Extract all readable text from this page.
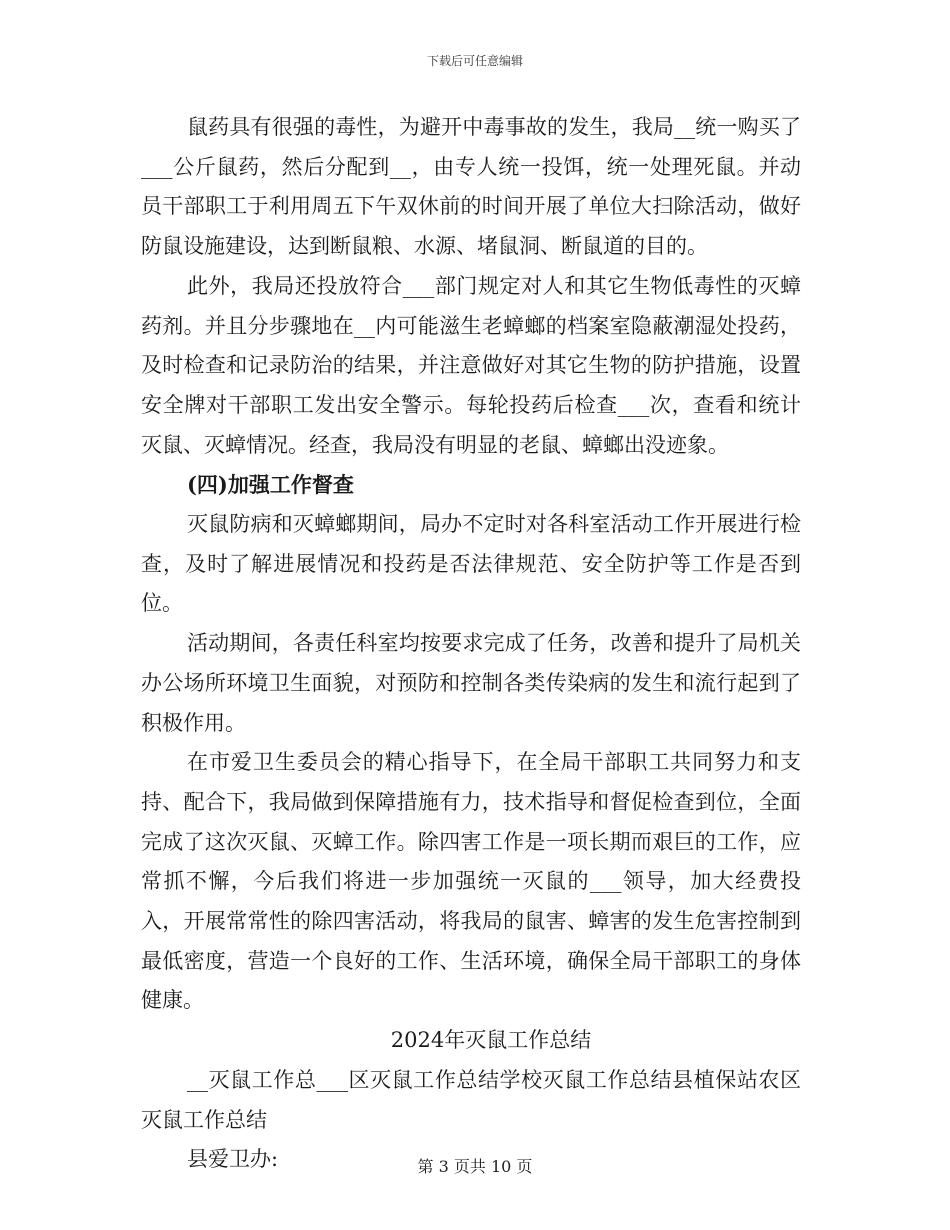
下载后可任意编辑

鼠药具有很强的毒性，为避开中毒事故的发生，我局__统一购买了___公斤鼠药，然后分配到__，由专人统一投饵，统一处理死鼠。并动员干部职工于利用周五下午双休前的时间开展了单位大扫除活动，做好防鼠设施建设，达到断鼠粮、水源、堵鼠洞、断鼠道的目的。

此外，我局还投放符合___部门规定对人和其它生物低毒性的灭蟑药剂。并且分步骤地在__内可能滋生老蟑螂的档案室隐蔽潮湿处投药，及时检查和记录防治的结果，并注意做好对其它生物的防护措施，设置安全牌对干部职工发出安全警示。每轮投药后检查___次，查看和统计灭鼠、灭蟑情况。经查，我局没有明显的老鼠、蟑螂出没迹象。

(四)加强工作督查

灭鼠防病和灭蟑螂期间，局办不定时对各科室活动工作开展进行检查，及时了解进展情况和投药是否法律规范、安全防护等工作是否到位。

活动期间，各责任科室均按要求完成了任务，改善和提升了局机关办公场所环境卫生面貌，对预防和控制各类传染病的发生和流行起到了积极作用。

在市爱卫生委员会的精心指导下，在全局干部职工共同努力和支持、配合下，我局做到保障措施有力，技术指导和督促检查到位，全面完成了这次灭鼠、灭蟑工作。除四害工作是一项长期而艰巨的工作，应常抓不懈，今后我们将进一步加强统一灭鼠的___领导，加大经费投入，开展常常性的除四害活动，将我局的鼠害、蟑害的发生危害控制到最低密度，营造一个良好的工作、生活环境，确保全局干部职工的身体健康。

2024年灭鼠工作总结

__灭鼠工作总___区灭鼠工作总结学校灭鼠工作总结县植保站农区灭鼠工作总结

县爱卫办:	第 3 页共 10 页
